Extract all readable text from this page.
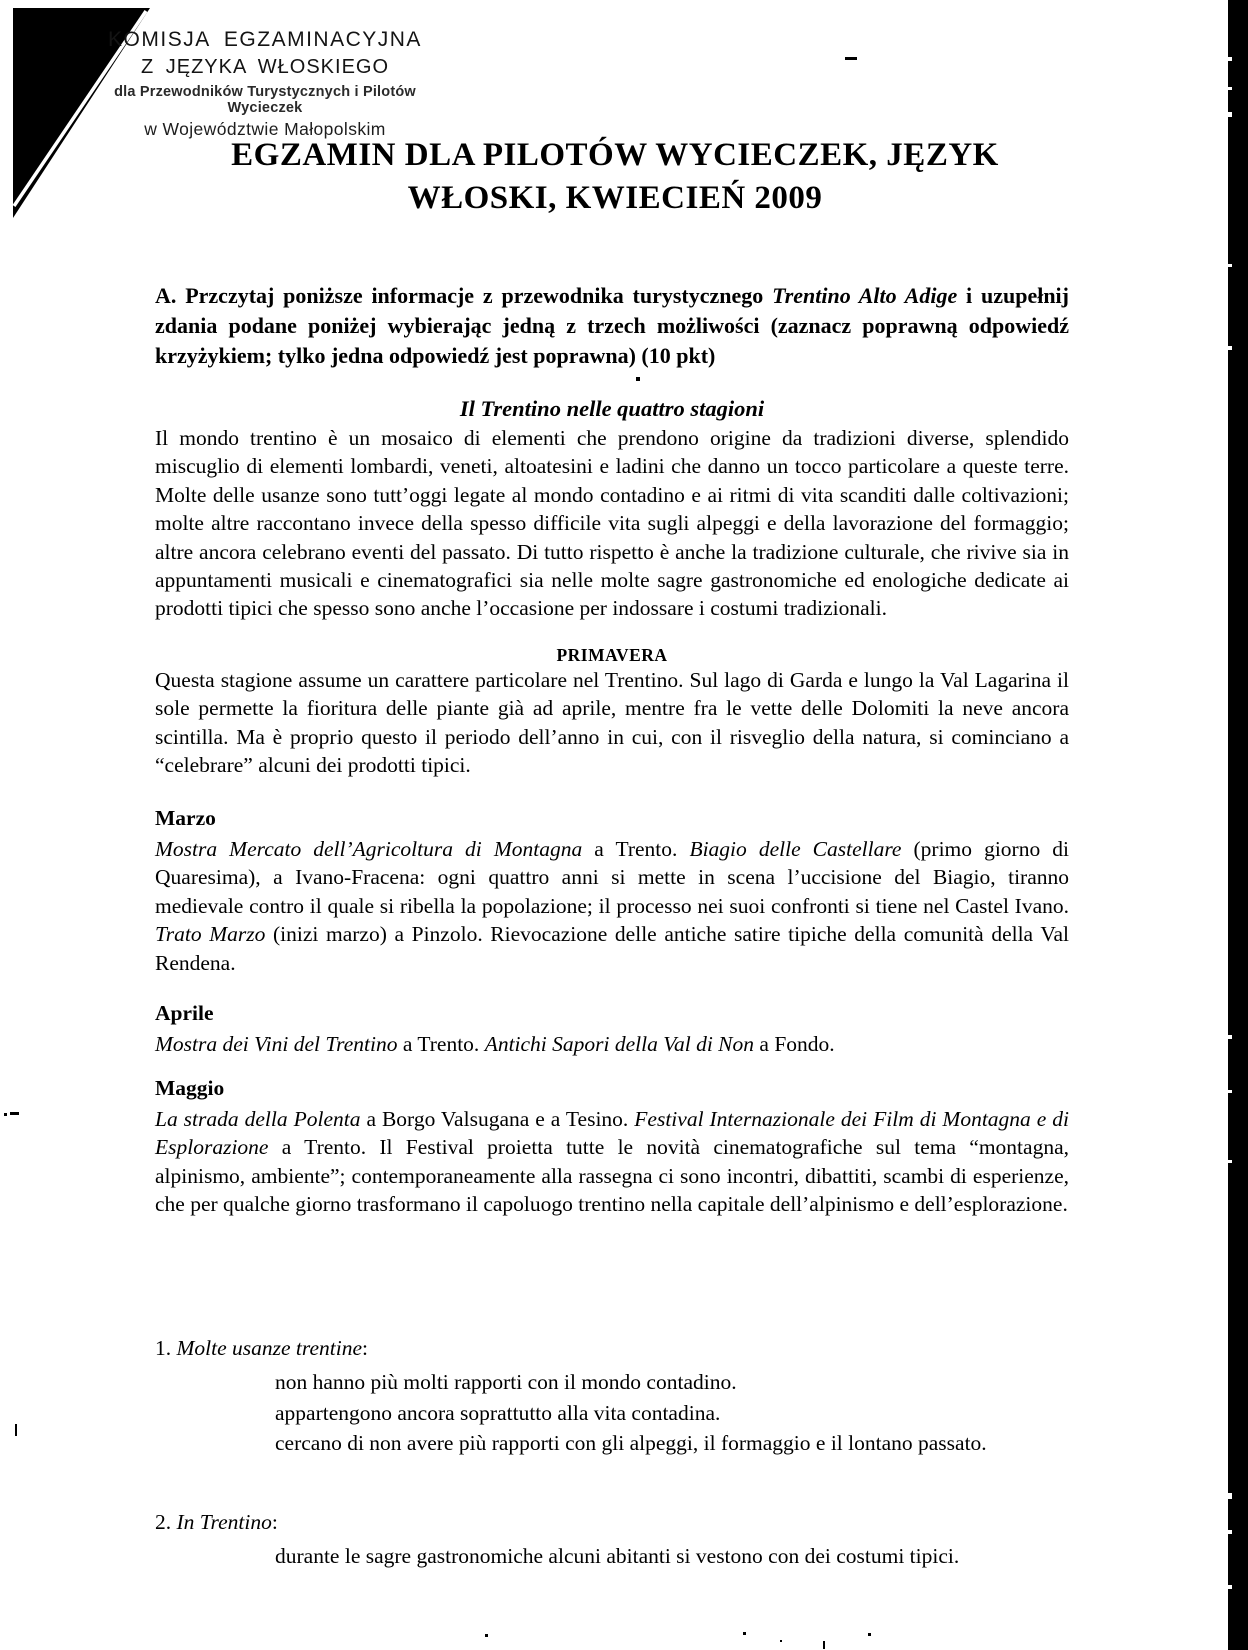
KOMISJA EGZAMINACYJNA
Z JĘZYKA WŁOSKIEGO
dla Przewodników Turystycznych i Pilotów Wycieczek
w Województwie Małopolskim
EGZAMIN DLA PILOTÓW WYCIECZEK, JĘZYK
WŁOSKI, KWIECIEŃ 2009
A. Przczytaj poniższe informacje z przewodnika turystycznego Trentino Alto Adige i uzupełnij zdania podane poniżej wybierając jedną z trzech możliwości (zaznacz poprawną odpowiedź krzyżykiem; tylko jedna odpowiedź jest poprawna) (10 pkt)
Il Trentino nelle quattro stagioni
Il mondo trentino è un mosaico di elementi che prendono origine da tradizioni diverse, splendido miscuglio di elementi lombardi, veneti, altoatesini e ladini che danno un tocco particolare a queste terre. Molte delle usanze sono tutt’oggi legate al mondo contadino e ai ritmi di vita scanditi dalle coltivazioni; molte altre raccontano invece della spesso difficile vita sugli alpeggi e della lavorazione del formaggio; altre ancora celebrano eventi del passato. Di tutto rispetto è anche la tradizione culturale, che rivive sia in appuntamenti musicali e cinematografici sia nelle molte sagre gastronomiche ed enologiche dedicate ai prodotti tipici che spesso sono anche l’occasione per indossare i costumi tradizionali.
PRIMAVERA
Questa stagione assume un carattere particolare nel Trentino. Sul lago di Garda e lungo la Val Lagarina il sole permette la fioritura delle piante già ad aprile, mentre fra le vette delle Dolomiti la neve ancora scintilla. Ma è proprio questo il periodo dell’anno in cui, con il risveglio della natura, si cominciano a “celebrare” alcuni dei prodotti tipici.
Marzo
Mostra Mercato dell’Agricoltura di Montagna a Trento. Biagio delle Castellare (primo giorno di Quaresima), a Ivano-Fracena: ogni quattro anni si mette in scena l’uccisione del Biagio, tiranno medievale contro il quale si ribella la popolazione; il processo nei suoi confronti si tiene nel Castel Ivano. Trato Marzo (inizi marzo) a Pinzolo. Rievocazione delle antiche satire tipiche della comunità della Val Rendena.
Aprile
Mostra dei Vini del Trentino a Trento. Antichi Sapori della Val di Non a Fondo.
Maggio
La strada della Polenta a Borgo Valsugana e a Tesino. Festival Internazionale dei Film di Montagna e di Esplorazione a Trento. Il Festival proietta tutte le novità cinematografiche sul tema “montagna, alpinismo, ambiente”; contemporaneamente alla rassegna ci sono incontri, dibattiti, scambi di esperienze, che per qualche giorno trasformano il capoluogo trentino nella capitale dell’alpinismo e dell’esplorazione.
1. Molte usanze trentine:

non hanno più molti rapporti con il mondo contadino.

appartengono ancora soprattutto alla vita contadina.

cercano di non avere più rapporti con gli alpeggi, il formaggio e il lontano passato.

2. In Trentino:

durante le sagre gastronomiche alcuni abitanti si vestono con dei costumi tipici.
